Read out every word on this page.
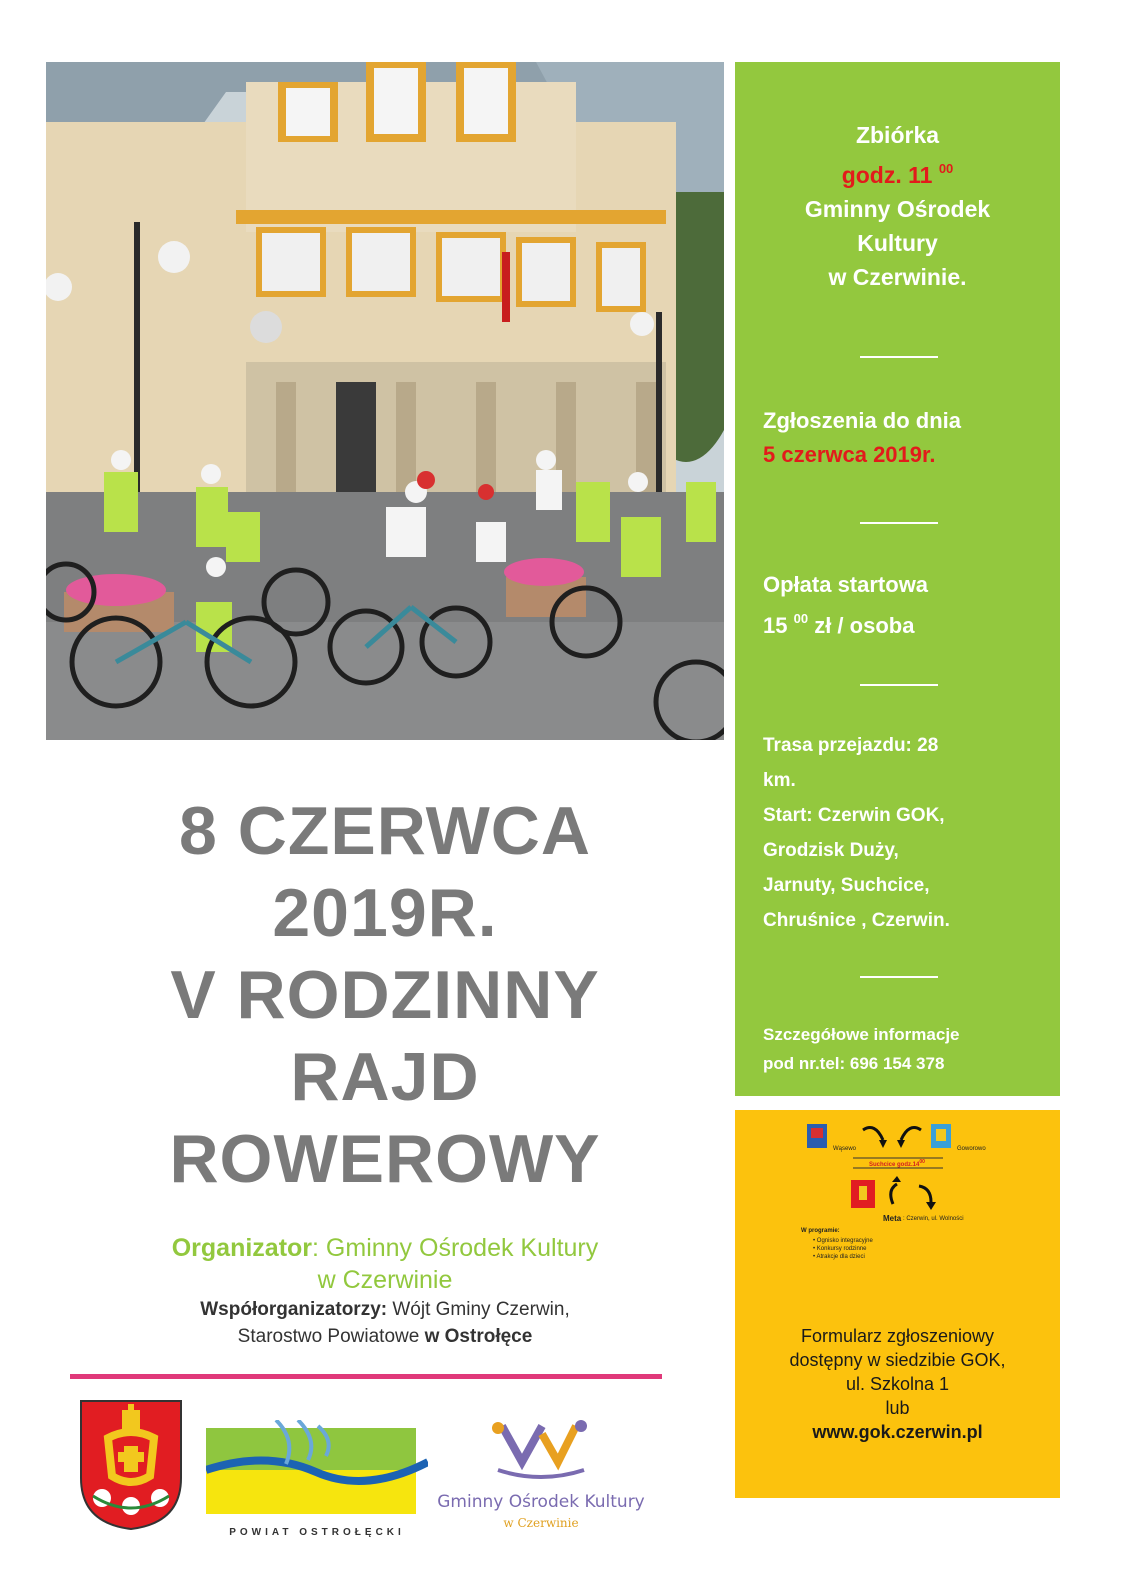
8 CZERWCA
2019R.
V RODZINNY
RAJD
ROWEROWY
Organizator: Gminny Ośrodek Kultury
w Czerwinie
Współorganizatorzy: Wójt Gminy Czerwin,
Starostwo Powiatowe w Ostrołęce
POWIAT OSTROŁĘCKI
Gminny Ośrodek Kultury
w Czerwinie
Zbiórka
godz. 11 $^{00}$
Gminny Ośrodek
Kultury
w Czerwinie.
Zgłoszenia do dnia
5 czerwca 2019r.
Opłata startowa
15 $^{00}$ zł / osoba
Trasa przejazdu: 28
km.
Start: Czerwin GOK,
Grodzisk Duży,
Jarnuty, Suchcice,
Chruśnice , Czerwin.
Szczegółowe informacje
pod nr.tel: 696 154 378
Wąsewo	Goworowo
Suchcice $godz.14^{00}$
Meta : Czerwin, ul. Wolności
W programie:
• Ognisko integracyjne
• Konkursy rodzinne
• Atrakcje dla dzieci
Formularz zgłoszeniowy
dostępny w siedzibie GOK,
ul. Szkolna 1
lub
www.gok.czerwin.pl
